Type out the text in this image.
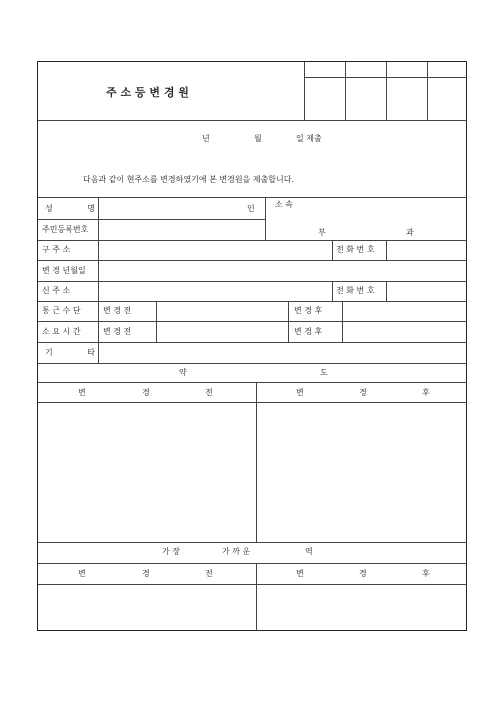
주 소 등 변 경 원
년	월	일 제출
다음과 같이 현주소를 변경하였기에 본 변경원을 제출합니다.
성 명	인	소 속
부	과
주민등록번호
구 주 소	전 화 번 호
변 경 년월일
신 주 소	전 화 번 호
통 근 수 단	변 경 전	변 경 후
소 요 시 간	변 경 전	변 경 후
기 타
약	도
변	경	전	변	경	후
가 장	가 까 운	역
변	경	전	변	경	후
